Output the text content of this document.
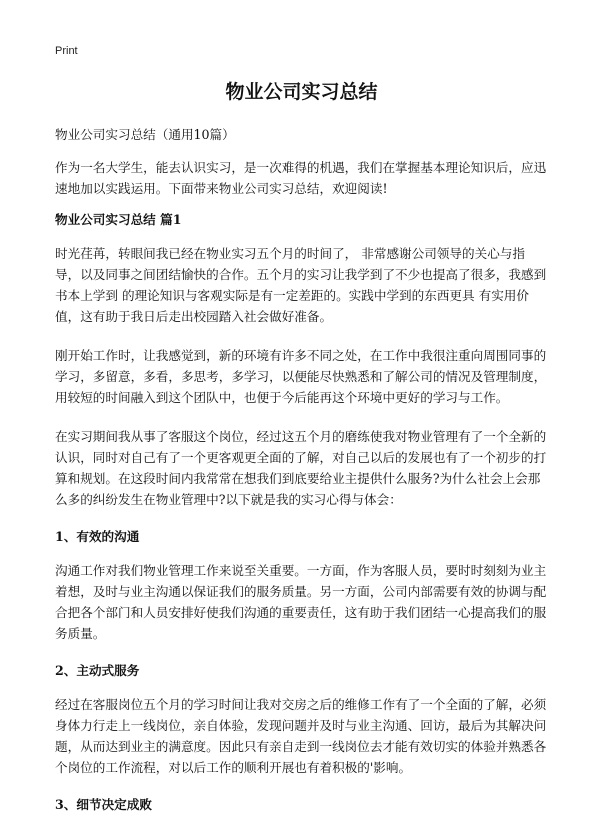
Print
物业公司实习总结

物业公司实习总结（通用10篇）

作为一名大学生，能去认识实习，是一次难得的机遇，我们在掌握基本理论知识后，应迅速地加以实践运用。下面带来物业公司实习总结，欢迎阅读!

物业公司实习总结 篇1

时光荏苒，转眼间我已经在物业实习五个月的时间了， 非常感谢公司领导的关心与指导，以及同事之间团结愉快的合作。五个月的实习让我学到了不少也提高了很多，我感到书本上学到 的理论知识与客观实际是有一定差距的。实践中学到的东西更具 有实用价值，这有助于我日后走出校园踏入社会做好准备。

刚开始工作时，让我感觉到，新的环境有许多不同之处，在工作中我很注重向周围同事的学习，多留意，多看，多思考，多学习，以便能尽快熟悉和了解公司的情况及管理制度，用较短的时间融入到这个团队中，也便于今后能再这个环境中更好的学习与工作。

在实习期间我从事了客服这个岗位，经过这五个月的磨练使我对物业管理有了一个全新的认识，同时对自己有了一个更客观更全面的了解，对自己以后的发展也有了一个初步的打算和规划。在这段时间内我常常在想我们到底要给业主提供什么服务?为什么社会上会那么多的纠纷发生在物业管理中?以下就是我的实习心得与体会：

1、有效的沟通

沟通工作对我们物业管理工作来说至关重要。一方面，作为客服人员，要时时刻刻为业主着想，及时与业主沟通以保证我们的服务质量。另一方面，公司内部需要有效的协调与配合把各个部门和人员安排好使我们沟通的重要责任，这有助于我们团结一心提高我们的服务质量。

2、主动式服务

经过在客服岗位五个月的学习时间让我对交房之后的维修工作有了一个全面的了解，必须身体力行走上一线岗位，亲自体验，发现问题并及时与业主沟通、回访，最后为其解决问题，从而达到业主的满意度。因此只有亲自走到一线岗位去才能有效切实的体验并熟悉各个岗位的工作流程，对以后工作的顺利开展也有着积极的'影响。

3、细节决定成败
